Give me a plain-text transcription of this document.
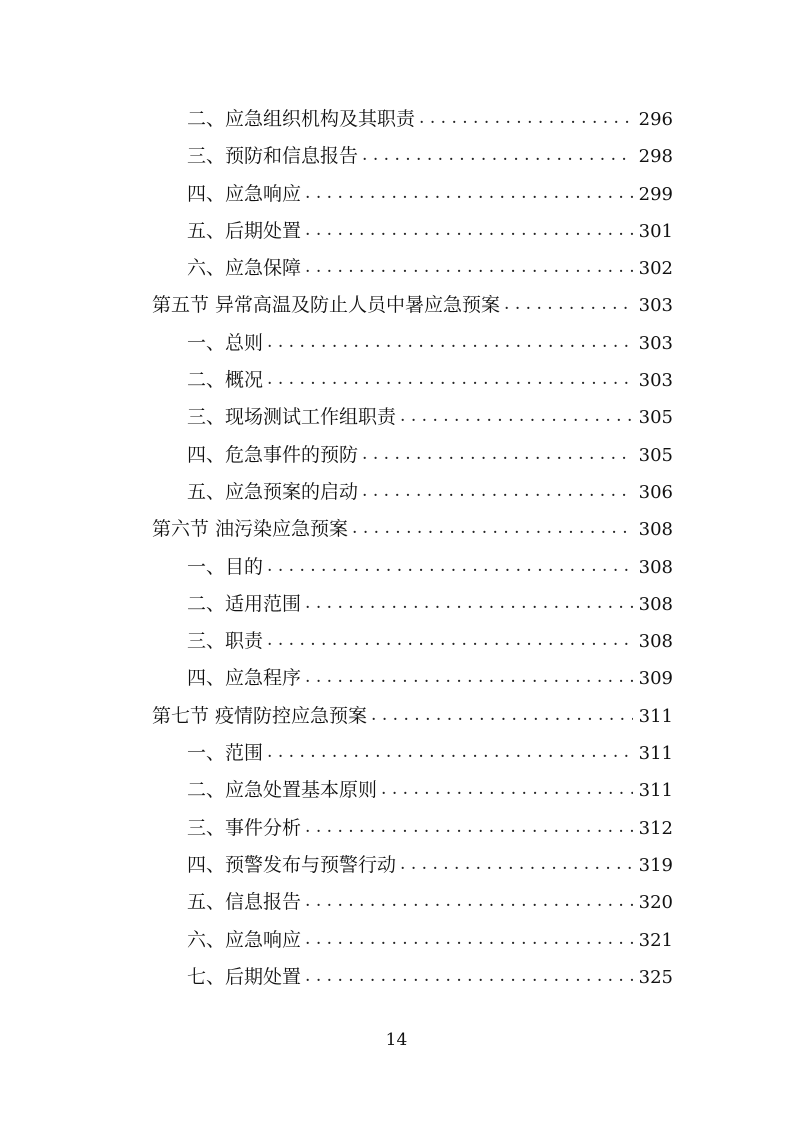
二、应急组织机构及其职责 . . .	296
三、预防和信息报告 . . .	298
四、应急响应 . . .	299
五、后期处置 . . .	301
六、应急保障 . . .	302
第五节 异常高温及防止人员中暑应急预案 . . .	303
一、总则 . . .	303
二、概况 . . .	303
三、现场测试工作组职责 . . .	305
四、危急事件的预防 . . .	305
五、应急预案的启动 . . .	306
第六节 油污染应急预案 . . .	308
一、目的 . . .	308
二、适用范围 . . .	308
三、职责 . . .	308
四、应急程序 . . .	309
第七节 疫情防控应急预案 . . .	311
一、范围 . . .	311
二、应急处置基本原则 . . .	311
三、事件分析 . . .	312
四、预警发布与预警行动 . . .	319
五、信息报告 . . .	320
六、应急响应 . . .	321
七、后期处置 . . .	325
14
